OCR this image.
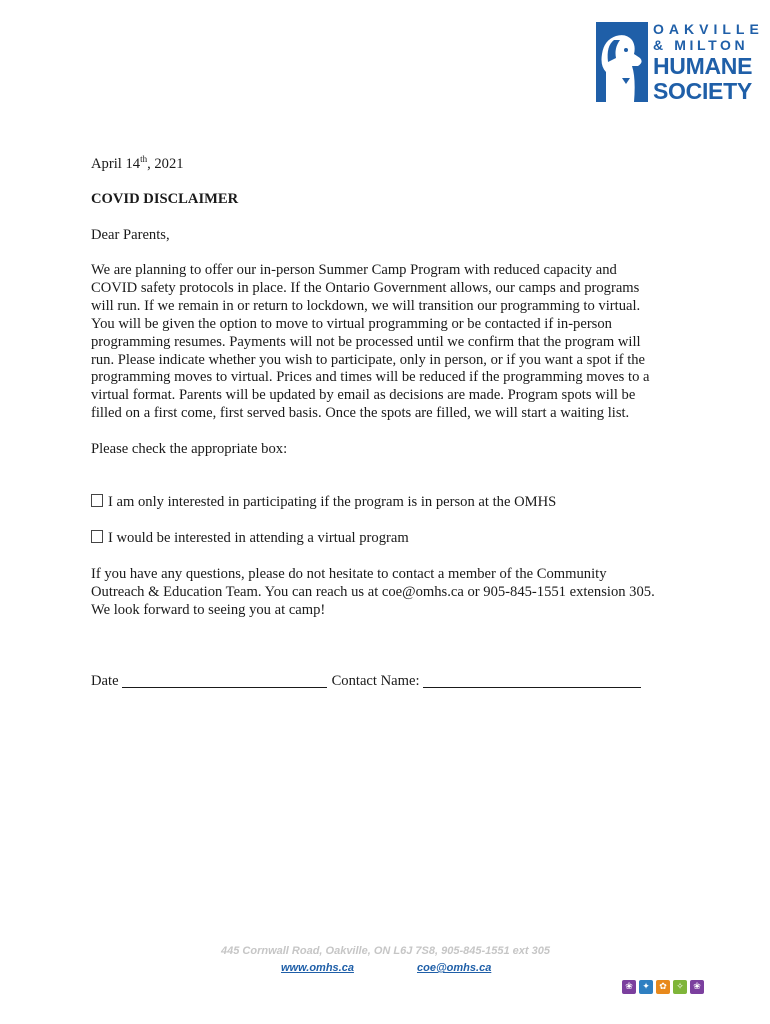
OAKVILLE
& MILTON
HUMANE
SOCIETY
April 14th, 2021
COVID DISCLAIMER
Dear Parents,
We are planning to offer our in-person Summer Camp Program with reduced capacity and
COVID safety protocols in place. If the Ontario Government allows, our camps and programs
will run. If we remain in or return to lockdown, we will transition our programming to virtual.
You will be given the option to move to virtual programming or be contacted if in-person
programming resumes. Payments will not be processed until we confirm that the program will
run. Please indicate whether you wish to participate, only in person, or if you want a spot if the
programming moves to virtual. Prices and times will be reduced if the programming moves to a
virtual format. Parents will be updated by email as decisions are made. Program spots will be
filled on a first come, first served basis. Once the spots are filled, we will start a waiting list.
Please check the appropriate box:
I am only interested in participating if the program is in person at the OMHS
I would be interested in attending a virtual program
If you have any questions, please do not hesitate to contact a member of the Community
Outreach & Education Team. You can reach us at coe@omhs.ca or 905-845-1551 extension 305.
We look forward to seeing you at camp!
Date	Contact Name:
445 Cornwall Road, Oakville, ON L6J 7S8, 905-845-1551 ext 305
www.omhs.ca	coe@omhs.ca
❀	✦	✿	✧	❀
